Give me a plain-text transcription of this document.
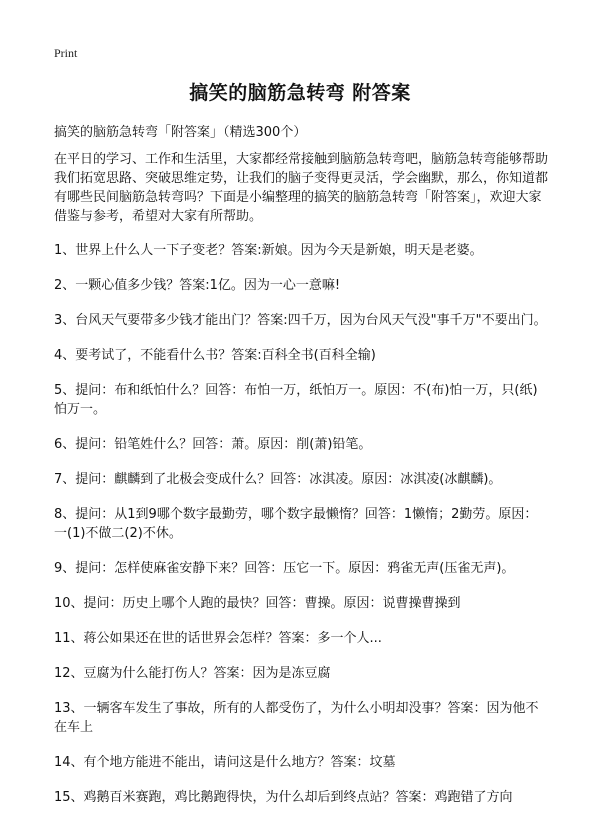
Print
搞笑的脑筋急转弯 附答案
搞笑的脑筋急转弯「附答案」（精选300个）

在平日的学习、工作和生活里，大家都经常接触到脑筋急转弯吧，脑筋急转弯能够帮助我们拓宽思路、突破思维定势，让我们的脑子变得更灵活，学会幽默，那么，你知道都有哪些民间脑筋急转弯吗？下面是小编整理的搞笑的脑筋急转弯「附答案」，欢迎大家借鉴与参考，希望对大家有所帮助。

1、世界上什么人一下子变老？答案:新娘。因为今天是新娘，明天是老婆。

2、一颗心值多少钱？答案:1亿。因为一心一意嘛!

3、台风天气要带多少钱才能出门？答案:四千万，因为台风天气没"事千万"不要出门。

4、要考试了，不能看什么书？答案:百科全书(百科全输)

5、提问：布和纸怕什么？回答：布怕一万，纸怕万一。原因：不(布)怕一万，只(纸)怕万一。

6、提问：铅笔姓什么？回答：萧。原因：削(萧)铅笔。

7、提问：麒麟到了北极会变成什么？回答：冰淇凌。原因：冰淇凌(冰麒麟)。

8、提问：从1到9哪个数字最勤劳，哪个数字最懒惰？回答：1懒惰；2勤劳。原因：一(1)不做二(2)不休。

9、提问：怎样使麻雀安静下来？回答：压它一下。原因：鸦雀无声(压雀无声)。

10、提问：历史上哪个人跑的最快？回答：曹操。原因：说曹操曹操到

11、蒋公如果还在世的话世界会怎样？答案：多一个人...

12、豆腐为什么能打伤人？答案：因为是冻豆腐

13、一辆客车发生了事故，所有的人都受伤了，为什么小明却没事？答案：因为他不在车上

14、有个地方能进不能出，请问这是什么地方？答案：坟墓

15、鸡鹅百米赛跑，鸡比鹅跑得快，为什么却后到终点站？答案：鸡跑错了方向
